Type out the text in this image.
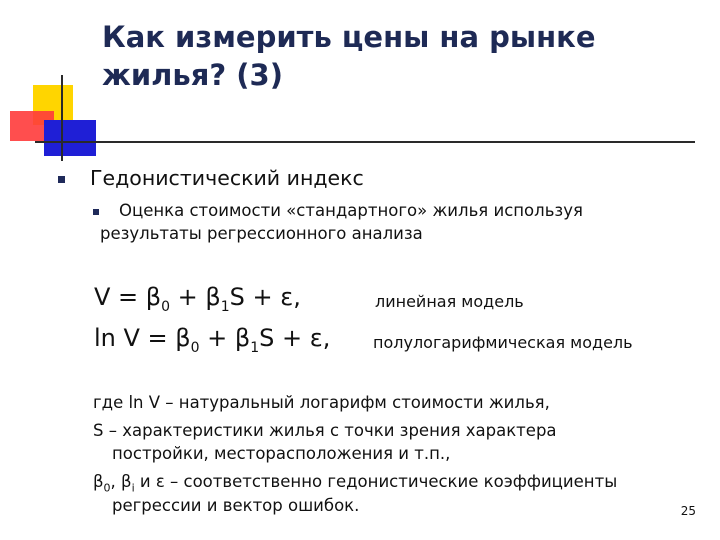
Как измерить цены на рынке
жилья? (3)
Гедонистический индекс
Оценка стоимости «стандартного» жилья используя
результаты регрессионного анализа
$V = \beta_0 + \beta_1S + \varepsilon$,	линейная модель
$\ln V = \beta_0 + \beta_1S + \varepsilon$,	полулогарифмическая модель
где ln V – натуральный логарифм стоимости жилья,
S – характеристики жилья с точки зрения характера
постройки, месторасположения и т.п.,
$\beta_0$, $\beta_i$ и ε – соответственно гедонистические коэффициенты
регрессии и вектор ошибок.	25
